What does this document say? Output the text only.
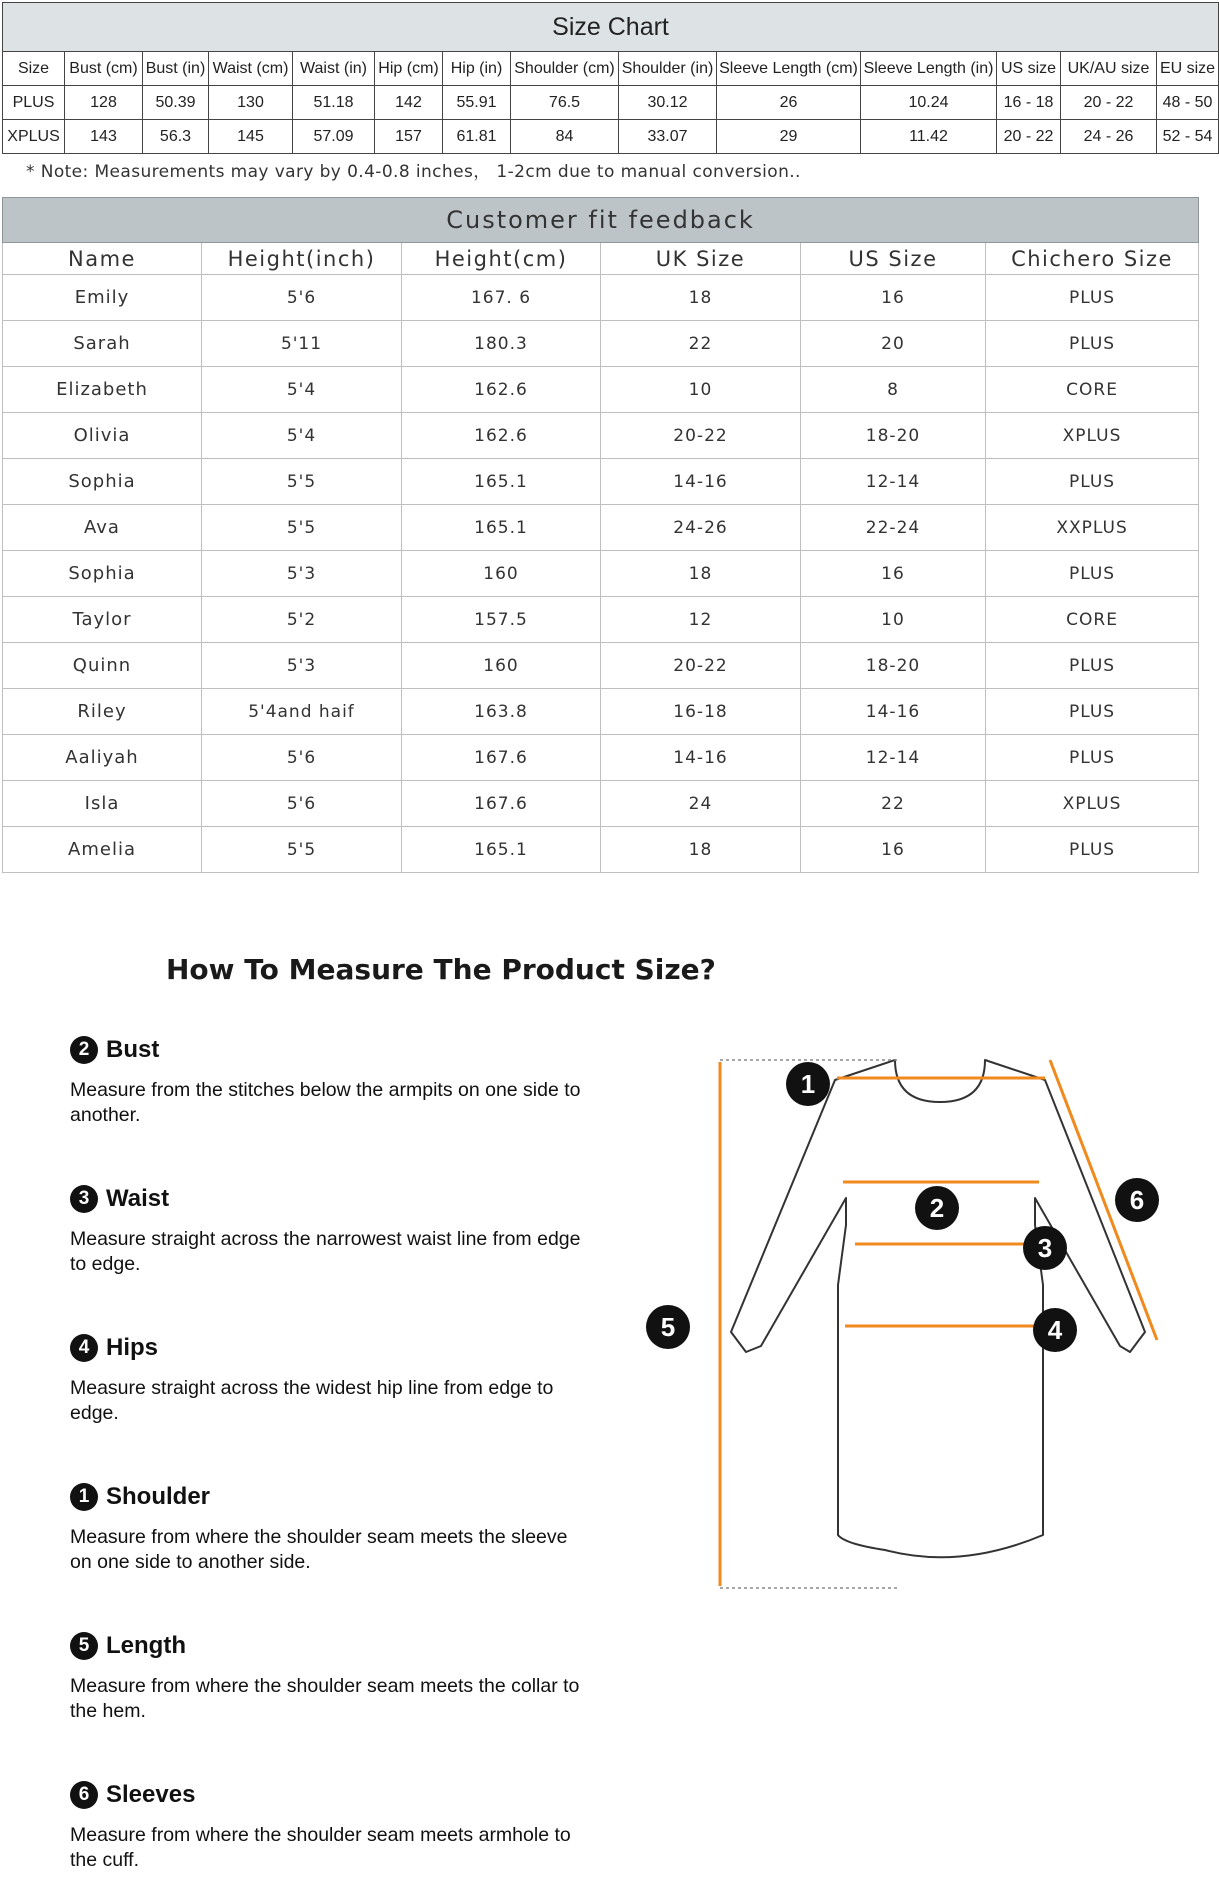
Size Chart													
Size	Bust (cm)	Bust (in)	Waist (cm)	Waist (in)	Hip (cm)	Hip (in)	Shoulder (cm)	Shoulder (in)	Sleeve Length (cm)	Sleeve Length (in)	US size	UK/AU size	EU size
PLUS	128	50.39	130	51.18	142	55.91	76.5	30.12	26	10.24	16 - 18	20 - 22	48 - 50
XPLUS	143	56.3	145	57.09	157	61.81	84	33.07	29	11.42	20 - 22	24 - 26	52 - 54
* Note: Measurements may vary by 0.4-0.8 inches， 1-2cm due to manual conversion..
Customer fit feedback					
Name	Height(inch)	Height(cm)	UK Size	US Size	Chichero Size
Emily	5'6	167. 6	18	16	PLUS
Sarah	5'11	180.3	22	20	PLUS
Elizabeth	5'4	162.6	10	8	CORE
Olivia	5'4	162.6	20-22	18-20	XPLUS
Sophia	5'5	165.1	14-16	12-14	PLUS
Ava	5'5	165.1	24-26	22-24	XXPLUS
Sophia	5'3	160	18	16	PLUS
Taylor	5'2	157.5	12	10	CORE
Quinn	5'3	160	20-22	18-20	PLUS
Riley	5'4and haif	163.8	16-18	14-16	PLUS
Aaliyah	5'6	167.6	14-16	12-14	PLUS
Isla	5'6	167.6	24	22	XPLUS
Amelia	5'5	165.1	18	16	PLUS
How To Measure The Product Size?
2 Bust
Measure from the stitches below the armpits on one side to another.
3 Waist
Measure straight across the narrowest waist line from edge to edge.
4 Hips
Measure straight across the widest hip line from edge to edge.
1 Shoulder
Measure from where the shoulder seam meets the sleeve on one side to another side.
5 Length
Measure from where the shoulder seam meets the collar to the hem.
6 Sleeves
Measure from where the shoulder seam meets armhole to the cuff.
1
2
3
4
5
6
